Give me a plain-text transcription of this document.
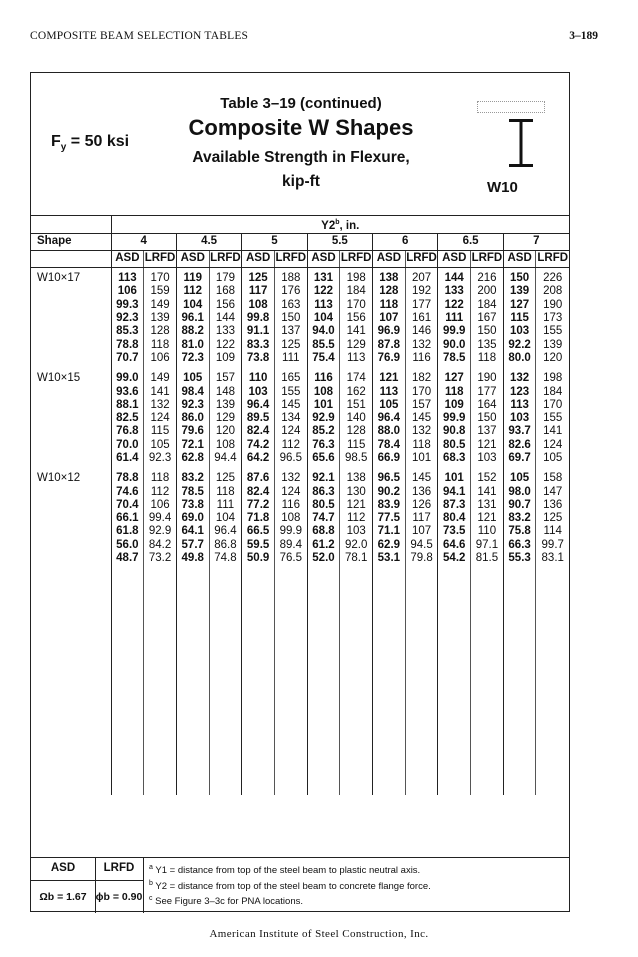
COMPOSITE BEAM SELECTION TABLES	3–189
$F_y = 50$ ksi
Table 3–19 (continued)
Composite W Shapes
Available Strength in Flexure,
kip-ft	W10
	Y2$^b$, in.													
Shape	4		4.5		5		5.5		6		6.5		7	
	ASD	LRFD	ASD	LRFD	ASD	LRFD	ASD	LRFD	ASD	LRFD	ASD	LRFD	ASD	LRFD
W10×17	113	170	119	179	125	188	131	198	138	207	144	216	150	226
	106	159	112	168	117	176	122	184	128	192	133	200	139	208
	99.3	149	104	156	108	163	113	170	118	177	122	184	127	190
	92.3	139	96.1	144	99.8	150	104	156	107	161	111	167	115	173
	85.3	128	88.2	133	91.1	137	94.0	141	96.9	146	99.9	150	103	155
	78.8	118	81.0	122	83.3	125	85.5	129	87.8	132	90.0	135	92.2	139
	70.7	106	72.3	109	73.8	111	75.4	113	76.9	116	78.5	118	80.0	120

W10×15	99.0	149	105	157	110	165	116	174	121	182	127	190	132	198
	93.6	141	98.4	148	103	155	108	162	113	170	118	177	123	184
	88.1	132	92.3	139	96.4	145	101	151	105	157	109	164	113	170
	82.5	124	86.0	129	89.5	134	92.9	140	96.4	145	99.9	150	103	155
	76.8	115	79.6	120	82.4	124	85.2	128	88.0	132	90.8	137	93.7	141
	70.0	105	72.1	108	74.2	112	76.3	115	78.4	118	80.5	121	82.6	124
	61.4	92.3	62.8	94.4	64.2	96.5	65.6	98.5	66.9	101	68.3	103	69.7	105

W10×12	78.8	118	83.2	125	87.6	132	92.1	138	96.5	145	101	152	105	158
	74.6	112	78.5	118	82.4	124	86.3	130	90.2	136	94.1	141	98.0	147
	70.4	106	73.8	111	77.2	116	80.5	121	83.9	126	87.3	131	90.7	136
	66.1	99.4	69.0	104	71.8	108	74.7	112	77.5	117	80.4	121	83.2	125
	61.8	92.9	64.1	96.4	66.5	99.9	68.8	103	71.1	107	73.5	110	75.8	114
	56.0	84.2	57.7	86.8	59.5	89.4	61.2	92.0	62.9	94.5	64.6	97.1	66.3	99.7
	48.7	73.2	49.8	74.8	50.9	76.5	52.0	78.1	53.1	79.8	54.2	81.5	55.3	83.1

ASD
Ωb = 1.67
LRFD
ϕb = 0.90
$^a$ Y1 = distance from top of the steel beam to plastic neutral axis.
$^b$ Y2 = distance from top of the steel beam to concrete flange force.
$^c$ See Figure 3–3c for PNA locations.
American Institute of Steel Construction, Inc.
